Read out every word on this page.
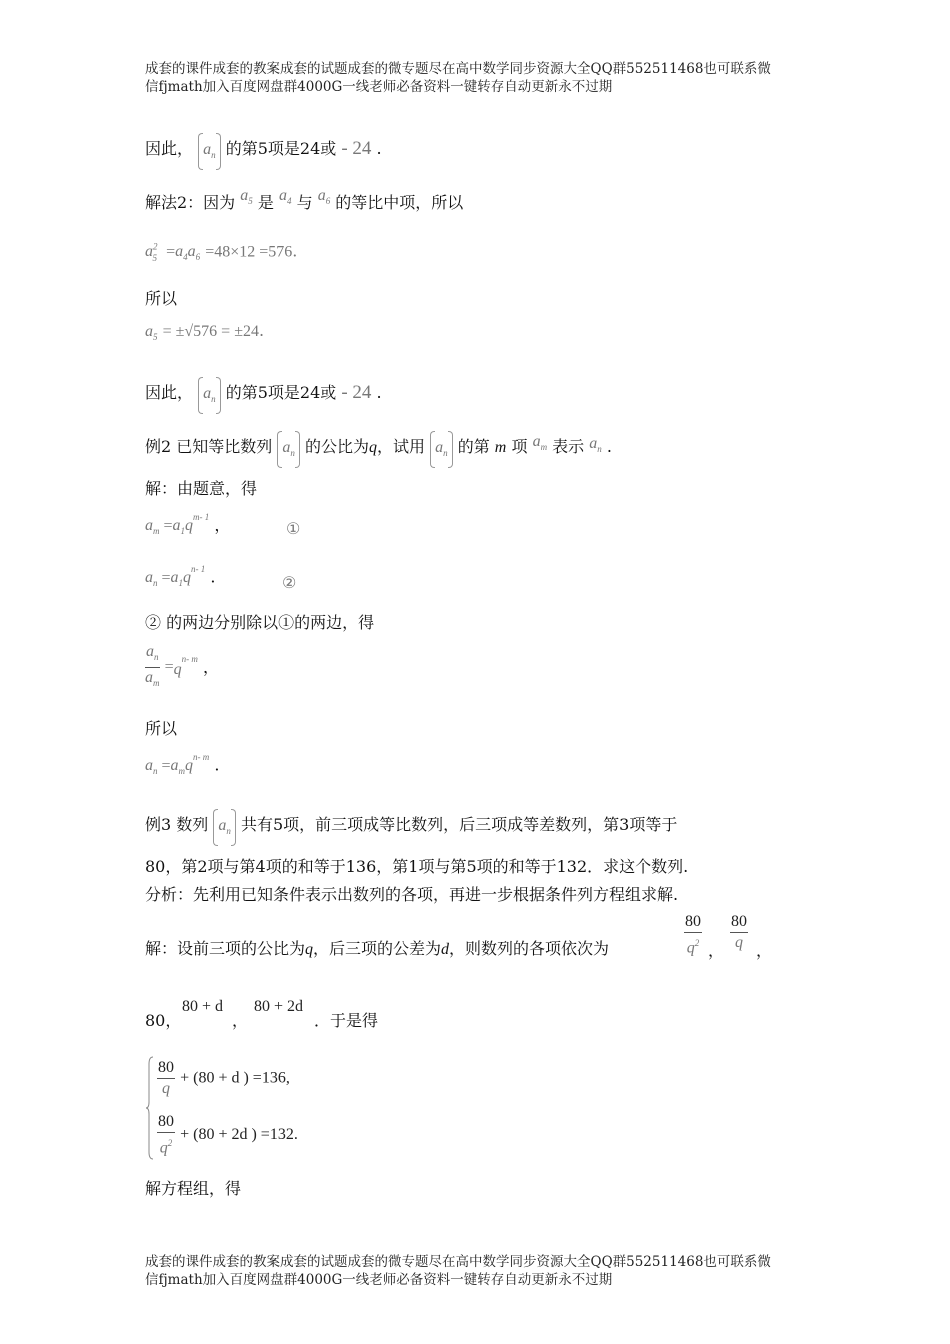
成套的课件成套的教案成套的试题成套的微专题尽在高中数学同步资源大全QQ群552511468也可联系微
信fjmath加入百度网盘群4000G一线老师必备资料一键转存自动更新永不过期
因此， $a_n$ 的第5项是24或 - 24 .
解法2：因为 $a_5$ 是 $a_4$ 与 $a_6$ 的等比中项，所以
$a^2_5 =a_4a_6 =48\times 12 =576$.
所以
$a_5 = \pm√576 = \pm 24$.
因此， $a_n$ 的第5项是24或 - 24 .
例2 已知等比数列 $a_n$ 的公比为q，试用 $a_n$ 的第 m 项 $a_m$ 表示 $a_n$ .
解：由题意，得
$a_m =a_1q^{m- 1}$ ，	①
$a_n =a_1q^{n- 1}$ .	②
② 的两边分别除以①的两边，得
$\frac{a_n}{a_m} =q^{n- m}$ ，
所以
$a_n =a_mq^{n- m}$ .
例3 数列 $a_n$ 共有5项，前三项成等比数列，后三项成等差数列，第3项等于
80，第2项与第4项的和等于136，第1项与第5项的和等于132．求这个数列.
分析：先利用已知条件表示出数列的各项，再进一步根据条件列方程组求解.
解：设前三项的公比为q，后三项的公差为d，则数列的各项依次为	$\frac{80}{q^2}$ ， $\frac{80}{q}$ ，
80，
80 + d
，
80 + 2d
．于是得
$\frac{80}{q} + (80 + d$ ) =136,
$\frac{80}{q^2} + (80 + 2d$ ) =132.
解方程组，得
成套的课件成套的教案成套的试题成套的微专题尽在高中数学同步资源大全QQ群552511468也可联系微
信fjmath加入百度网盘群4000G一线老师必备资料一键转存自动更新永不过期
